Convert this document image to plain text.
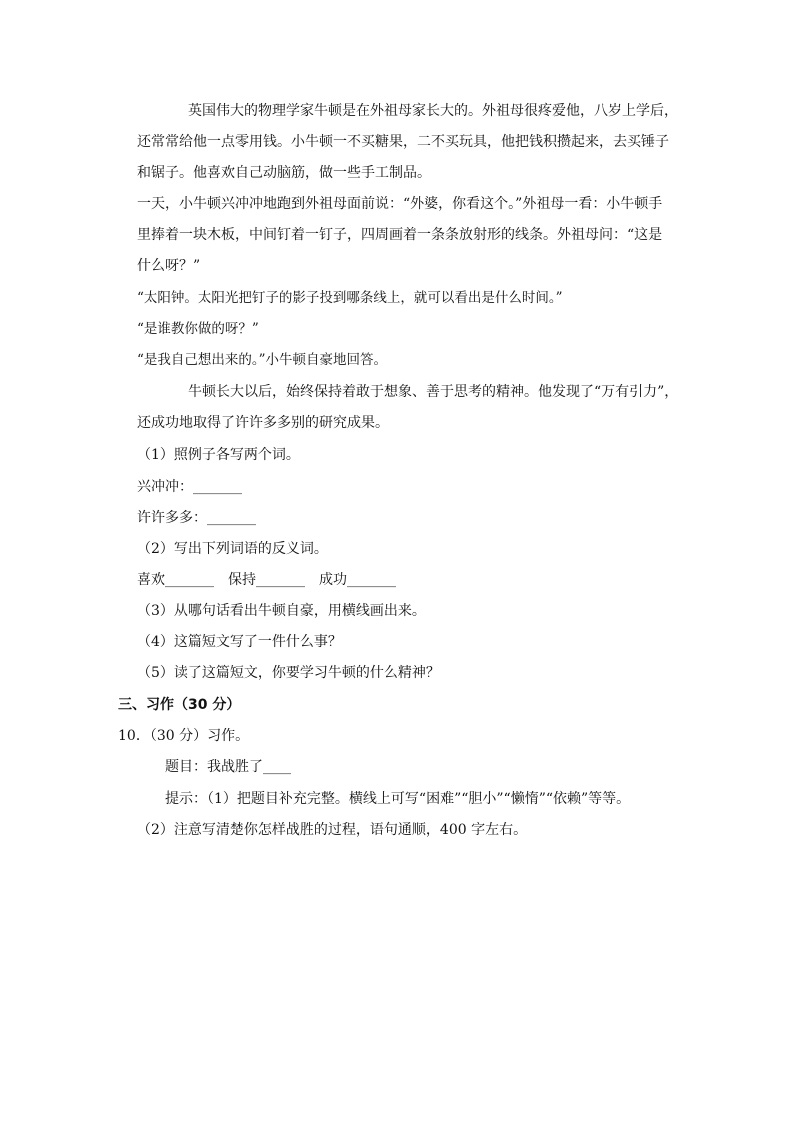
英国伟大的物理学家牛顿是在外祖母家长大的。外祖母很疼爱他，八岁上学后，
还常常给他一点零用钱。小牛顿一不买糖果，二不买玩具，他把钱积攒起来，去买锤子
和锯子。他喜欢自己动脑筋，做一些手工制品。
一天，小牛顿兴冲冲地跑到外祖母面前说：“外婆，你看这个。”外祖母一看：小牛顿手
里捧着一块木板，中间钉着一钉子，四周画着一条条放射形的线条。外祖母问：“这是
什么呀？”
“太阳钟。太阳光把钉子的影子投到哪条线上，就可以看出是什么时间。”
“是谁教你做的呀？”
“是我自己想出来的。”小牛顿自豪地回答。
牛顿长大以后，始终保持着敢于想象、善于思考的精神。他发现了“万有引力”，
还成功地取得了许许多多别的研究成果。
（1）照例子各写两个词。
兴冲冲：_______
许许多多：_______
（2）写出下列词语的反义词。
喜欢_______　保持_______　成功_______
（3）从哪句话看出牛顿自豪，用横线画出来。
（4）这篇短文写了一件什么事？
（5）读了这篇短文，你要学习牛顿的什么精神？
三、习作（30 分）
10．（30 分）习作。
题目：我战胜了____
提示：（1）把题目补充完整。横线上可写“困难”“胆小”“懒惰”“依赖”等等。
（2）注意写清楚你怎样战胜的过程，语句通顺，400 字左右。
